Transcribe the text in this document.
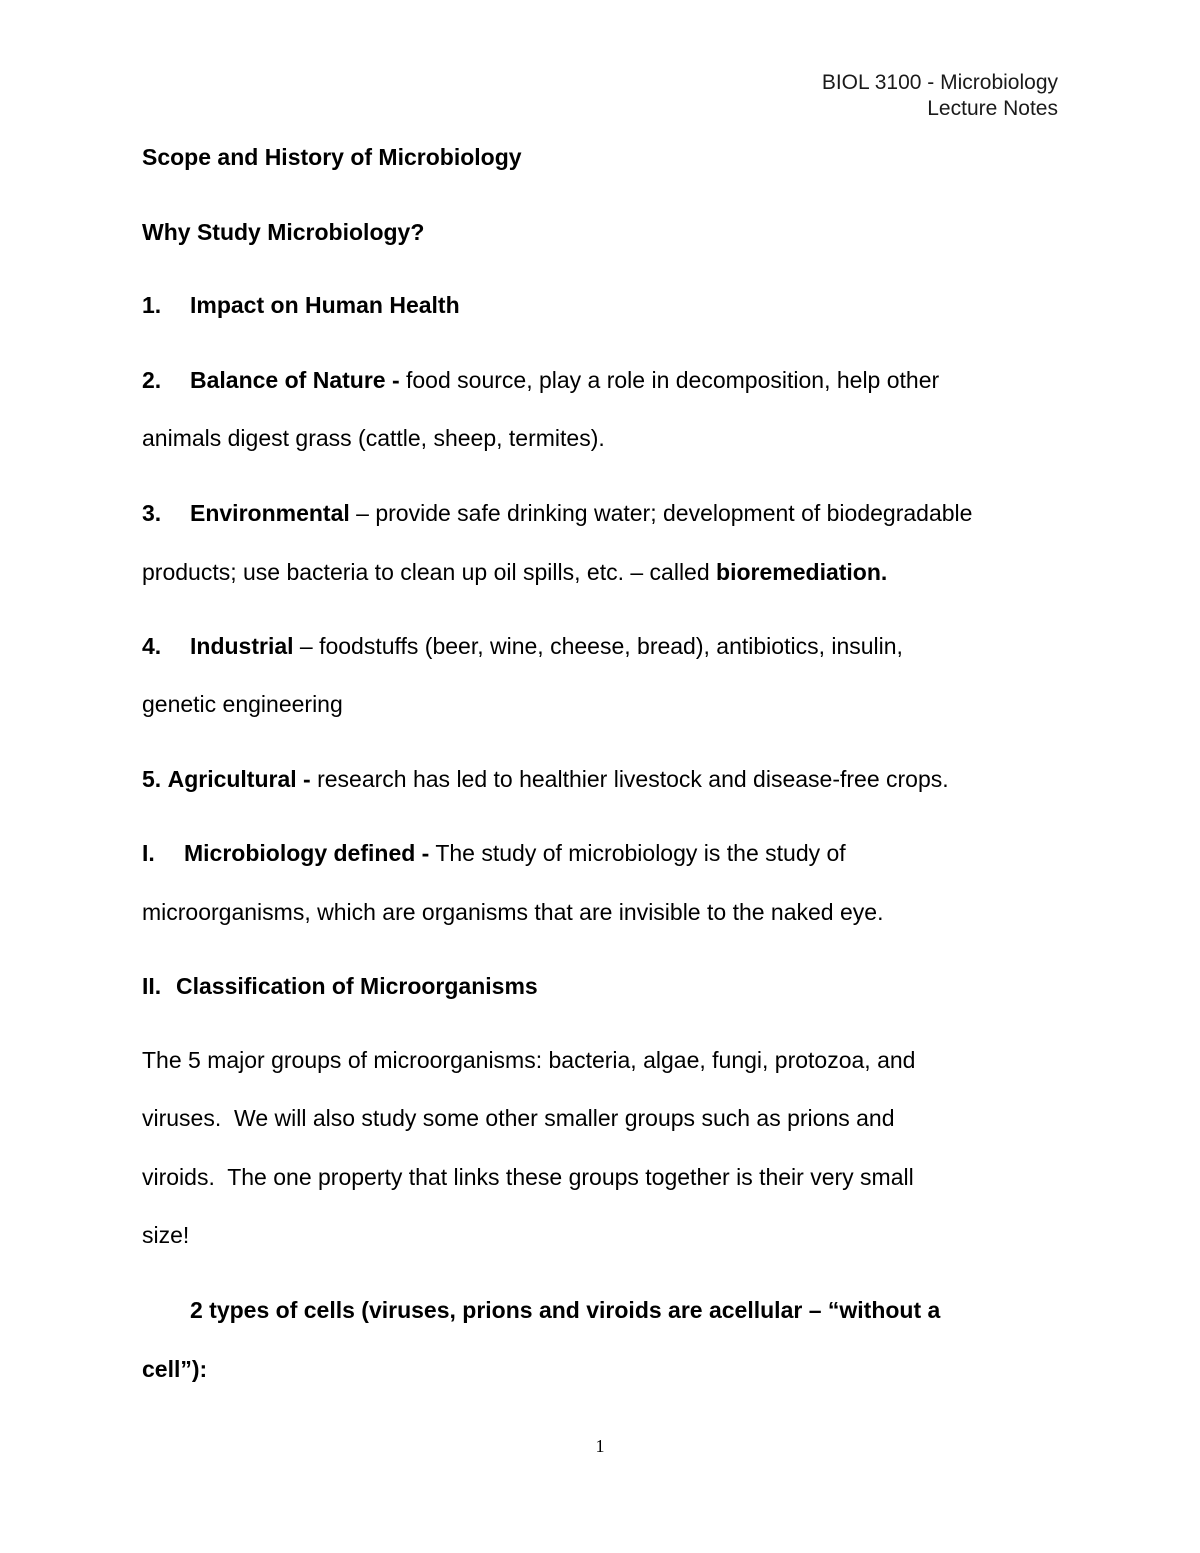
BIOL 3100 - Microbiology
Lecture Notes
Scope and History of Microbiology
Why Study Microbiology?
1. Impact on Human Health
2. Balance of Nature - food source, play a role in decomposition, help other
animals digest grass (cattle, sheep, termites).
3. Environmental – provide safe drinking water; development of biodegradable
products; use bacteria to clean up oil spills, etc. – called bioremediation.
4. Industrial – foodstuffs (beer, wine, cheese, bread), antibiotics, insulin,
genetic engineering
5. Agricultural - research has led to healthier livestock and disease-free crops.
I. Microbiology defined - The study of microbiology is the study of
microorganisms, which are organisms that are invisible to the naked eye.
II. Classification of Microorganisms
The 5 major groups of microorganisms: bacteria, algae, fungi, protozoa, and
viruses.  We will also study some other smaller groups such as prions and
viroids.  The one property that links these groups together is their very small
size!
2 types of cells (viruses, prions and viroids are acellular – “without a
cell”):
1
